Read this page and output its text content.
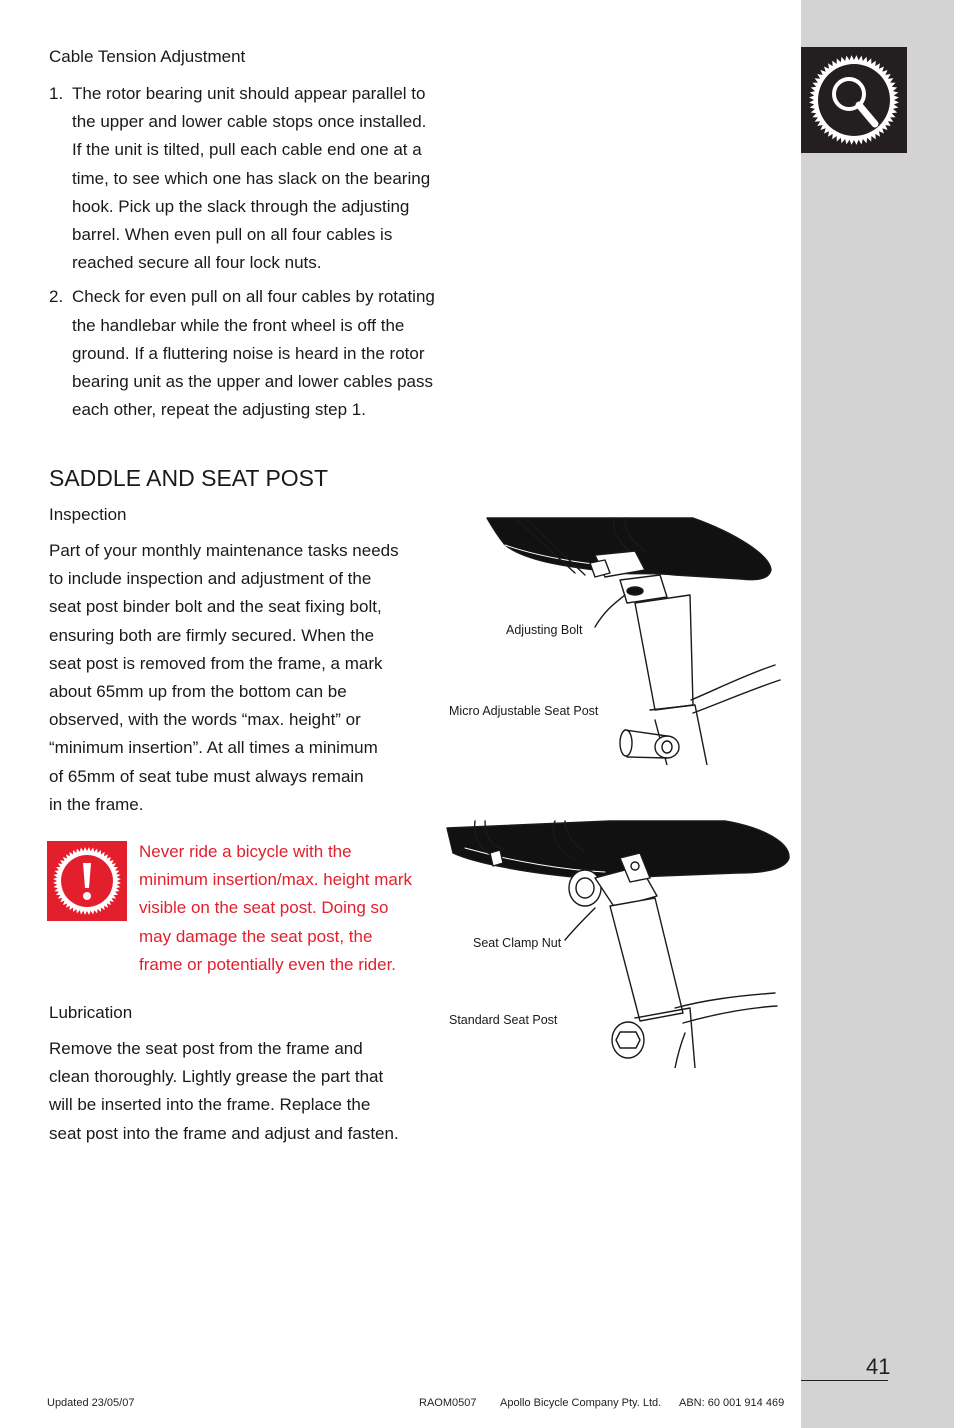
Cable Tension Adjustment
1. The rotor bearing unit should appear parallel to
the upper and lower cable stops once installed.
If the unit is tilted, pull each cable end one at a
time, to see which one has slack on the bearing
hook. Pick up the slack through the adjusting
barrel. When even pull on all four cables is
reached secure all four lock nuts.
2. Check for even pull on all four cables by rotating
the handlebar while the front wheel is off the
ground. If a fluttering noise is heard in the rotor
bearing unit as the upper and lower cables pass
each other, repeat the adjusting step 1.
SADDLE AND SEAT POST
Inspection

Part of your monthly maintenance tasks needs
to include inspection and adjustment of the
seat post binder bolt and the seat fixing bolt,
ensuring both are firmly secured. When the
seat post is removed from the frame, a mark
about 65mm up from the bottom can be
observed, with the words “max. height” or
“minimum insertion”. At all times a minimum
of 65mm of seat tube must always remain
in the frame.

Never ride a bicycle with the
minimum insertion/max. height mark
visible on the seat post. Doing so
may damage the seat post, the
frame or potentially even the rider.

Lubrication

Remove the seat post from the frame and
clean thoroughly. Lightly grease the part that
will be inserted into the frame. Replace the
seat post into the frame and adjust and fasten.

Adjusting Bolt
Micro Adjustable Seat Post
Seat Clamp Nut
Standard Seat Post
41
Updated 23/05/07	RAOM0507 Apollo Bicycle Company Pty. Ltd. ABN: 60 001 914 469
